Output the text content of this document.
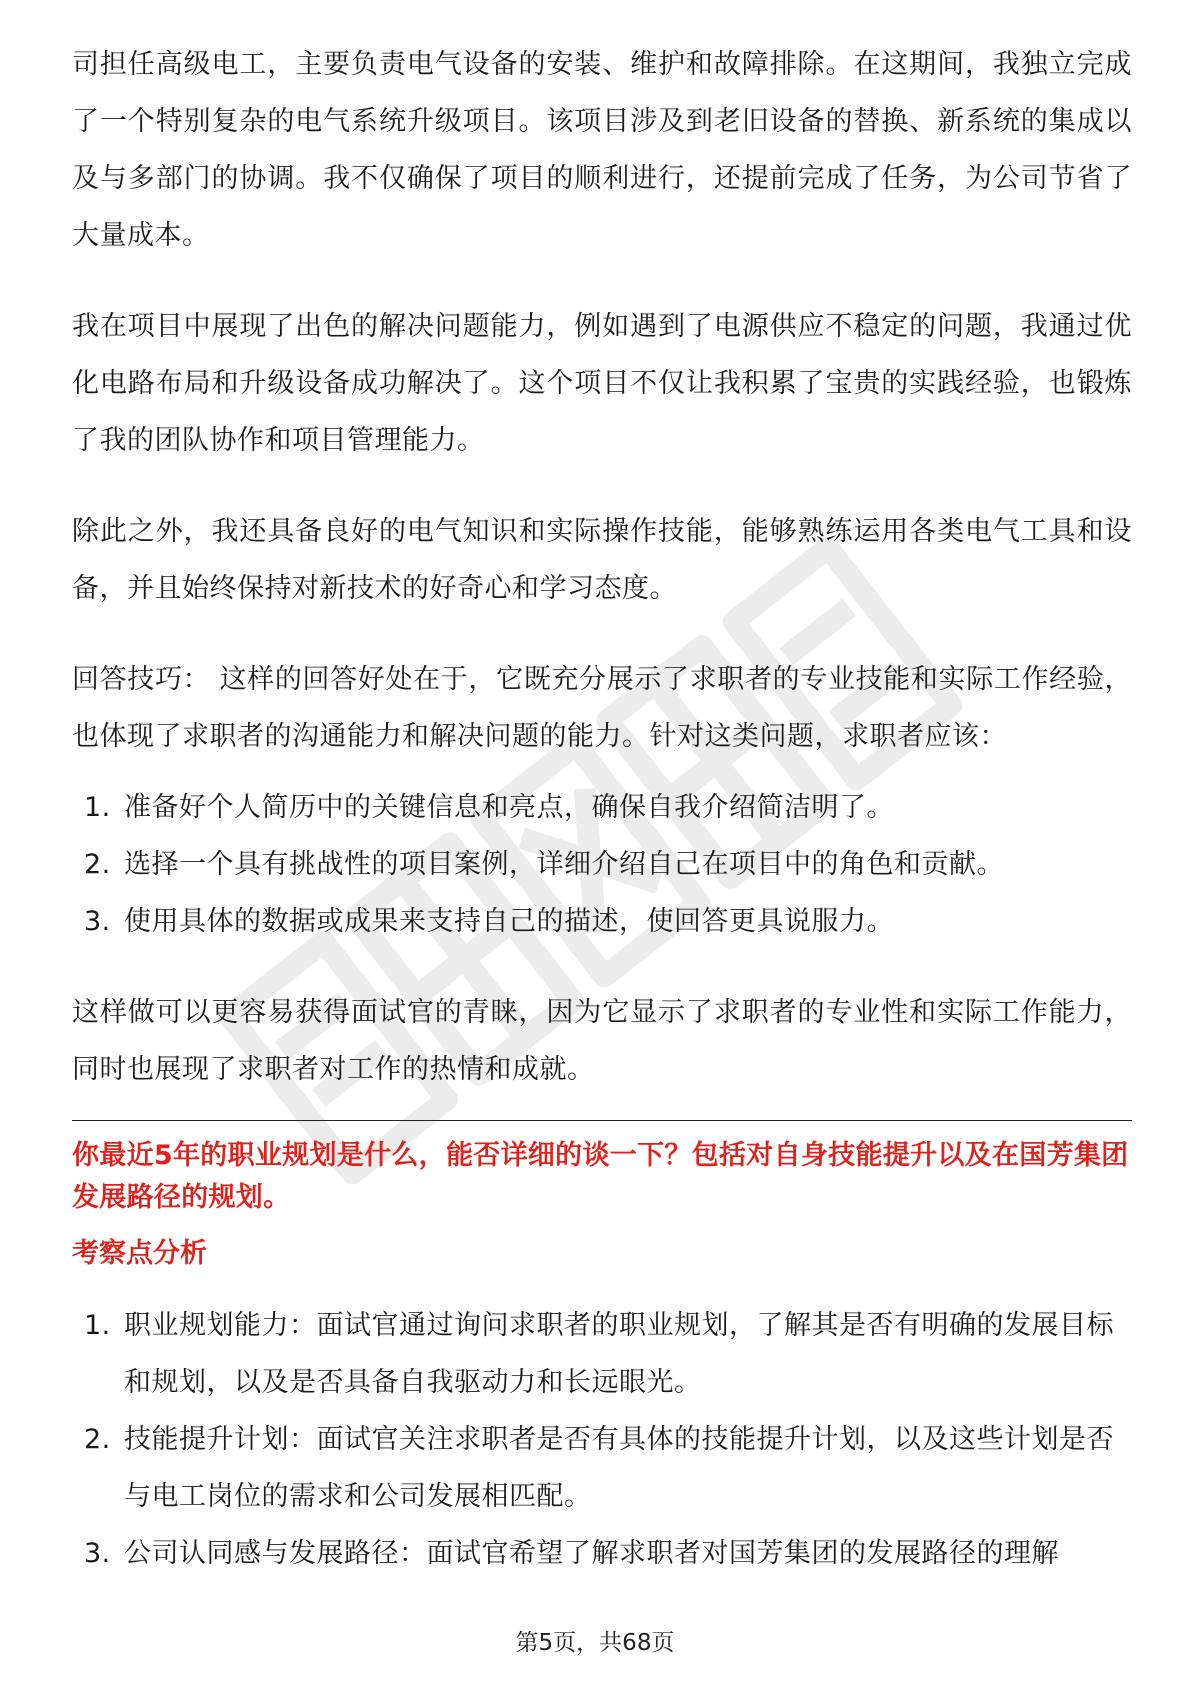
司担任高级电工，主要负责电气设备的安装、维护和故障排除。在这期间，我独立完成了一个特别复杂的电气系统升级项目。该项目涉及到老旧设备的替换、新系统的集成以及与多部门的协调。我不仅确保了项目的顺利进行，还提前完成了任务，为公司节省了大量成本。

我在项目中展现了出色的解决问题能力，例如遇到了电源供应不稳定的问题，我通过优化电路布局和升级设备成功解决了。这个项目不仅让我积累了宝贵的实践经验，也锻炼了我的团队协作和项目管理能力。

除此之外，我还具备良好的电气知识和实际操作技能，能够熟练运用各类电气工具和设备，并且始终保持对新技术的好奇心和学习态度。

回答技巧： 这样的回答好处在于，它既充分展示了求职者的专业技能和实际工作经验，也体现了求职者的沟通能力和解决问题的能力。针对这类问题，求职者应该：

1. 准备好个人简历中的关键信息和亮点，确保自我介绍简洁明了。
2. 选择一个具有挑战性的项目案例，详细介绍自己在项目中的角色和贡献。
3. 使用具体的数据或成果来支持自己的描述，使回答更具说服力。

这样做可以更容易获得面试官的青睐，因为它显示了求职者的专业性和实际工作能力，同时也展现了求职者对工作的热情和成就。

你最近5年的职业规划是什么，能否详细的谈一下？包括对自身技能提升以及在国芳集团发展路径的规划。
考察点分析
1. 职业规划能力：面试官通过询问求职者的职业规划，了解其是否有明确的发展目标和规划，以及是否具备自我驱动力和长远眼光。
2. 技能提升计划：面试官关注求职者是否有具体的技能提升计划，以及这些计划是否与电工岗位的需求和公司发展相匹配。
3. 公司认同感与发展路径：面试官希望了解求职者对国芳集团的发展路径的理解
第5页，共68页
